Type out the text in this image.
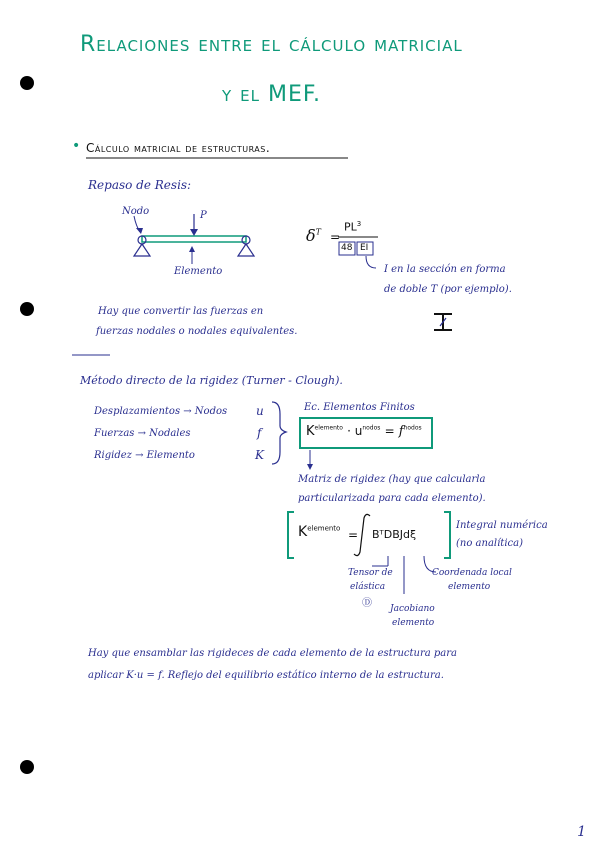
Relaciones entre el cálculo matricial
y el MEF.
• Cálculo matricial de estructuras.
Repaso de Resis:
Nodo	P
Elemento
$\delta^T$ =
$PL^3$
48 EI
I en la sección en forma
de doble T (por ejemplo).
Hay que convertir las fuerzas en
fuerzas nodales o nodales equivalentes.
Método directo de la rigidez (Turner - Clough).
Desplazamientos → Nodos
Fuerzas → Nodales
Rigidez → Elemento
u
f
K
Ec. Elementos Finitos
$K^{elemento} \cdot u^{nodos} = f^{nodos}$
Matriz de rigidez (hay que calcularla
particularizada para cada elemento).
$K^{elemento}$ = BᵀDBJdξ
Integral numérica
(no analítica)
Tensor de
elástica
Ⓓ
Coordenada local
elemento
Jacobiano
elemento
Hay que ensamblar las rigideces de cada elemento de la estructura para
aplicar K·u = f. Reflejo del equilibrio estático interno de la estructura.
1
